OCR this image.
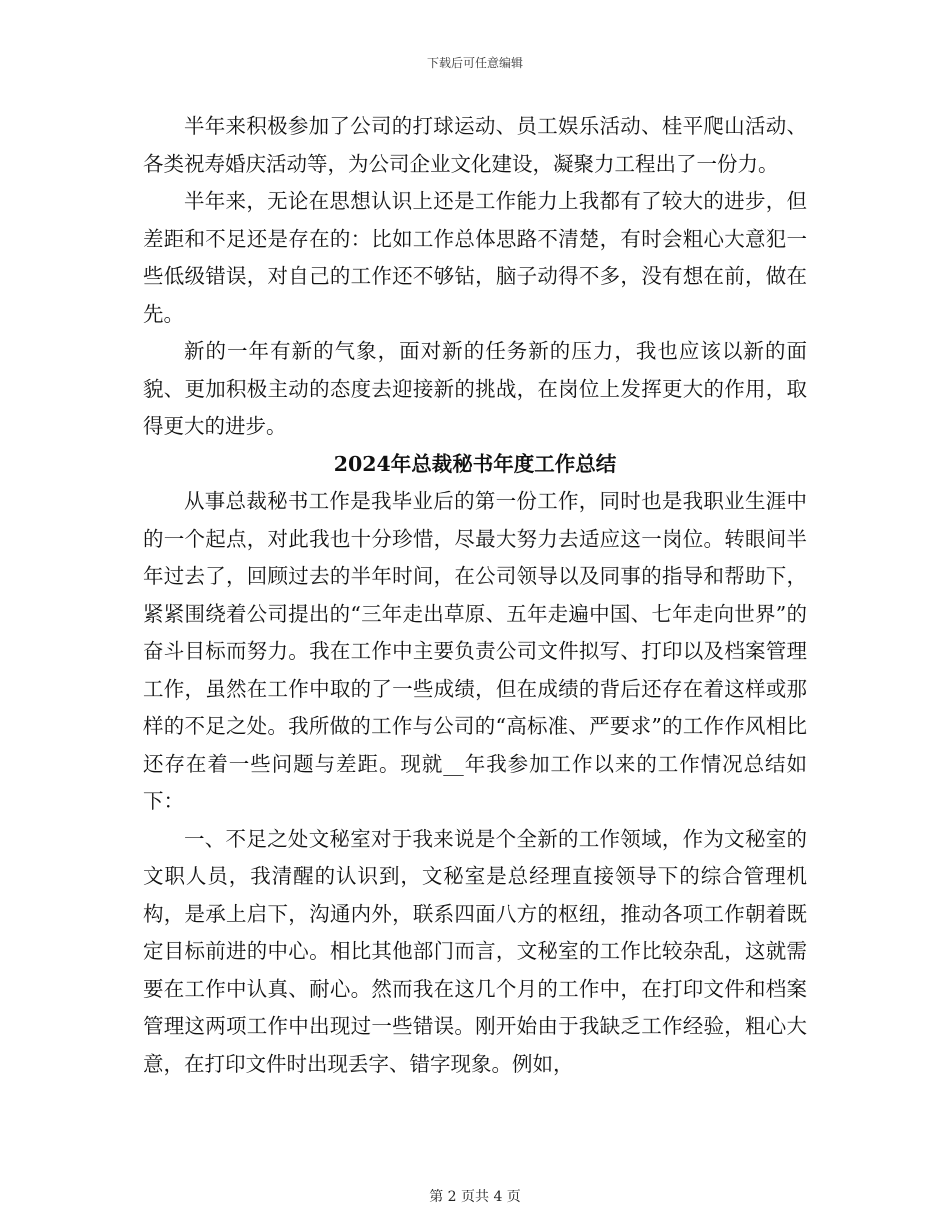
下载后可任意编辑

半年来积极参加了公司的打球运动、员工娱乐活动、桂平爬山活动、各类祝寿婚庆活动等，为公司企业文化建设，凝聚力工程出了一份力。

半年来，无论在思想认识上还是工作能力上我都有了较大的进步，但差距和不足还是存在的：比如工作总体思路不清楚，有时会粗心大意犯一些低级错误，对自己的工作还不够钻，脑子动得不多，没有想在前，做在先。

新的一年有新的气象，面对新的任务新的压力，我也应该以新的面貌、更加积极主动的态度去迎接新的挑战，在岗位上发挥更大的作用，取得更大的进步。

2024年总裁秘书年度工作总结

从事总裁秘书工作是我毕业后的第一份工作，同时也是我职业生涯中的一个起点，对此我也十分珍惜，尽最大努力去适应这一岗位。转眼间半年过去了，回顾过去的半年时间，在公司领导以及同事的指导和帮助下，紧紧围绕着公司提出的“三年走出草原、五年走遍中国、七年走向世界”的奋斗目标而努力。我在工作中主要负责公司文件拟写、打印以及档案管理工作，虽然在工作中取的了一些成绩，但在成绩的背后还存在着这样或那样的不足之处。我所做的工作与公司的“高标准、严要求”的工作作风相比还存在着一些问题与差距。现就__年我参加工作以来的工作情况总结如下：

一、不足之处文秘室对于我来说是个全新的工作领域，作为文秘室的文职人员，我清醒的认识到，文秘室是总经理直接领导下的综合管理机构，是承上启下，沟通内外，联系四面八方的枢纽，推动各项工作朝着既定目标前进的中心。相比其他部门而言，文秘室的工作比较杂乱，这就需要在工作中认真、耐心。然而我在这几个月的工作中，在打印文件和档案管理这两项工作中出现过一些错误。刚开始由于我缺乏工作经验，粗心大意，在打印文件时出现丢字、错字现象。例如，

第 2 页共 4 页
